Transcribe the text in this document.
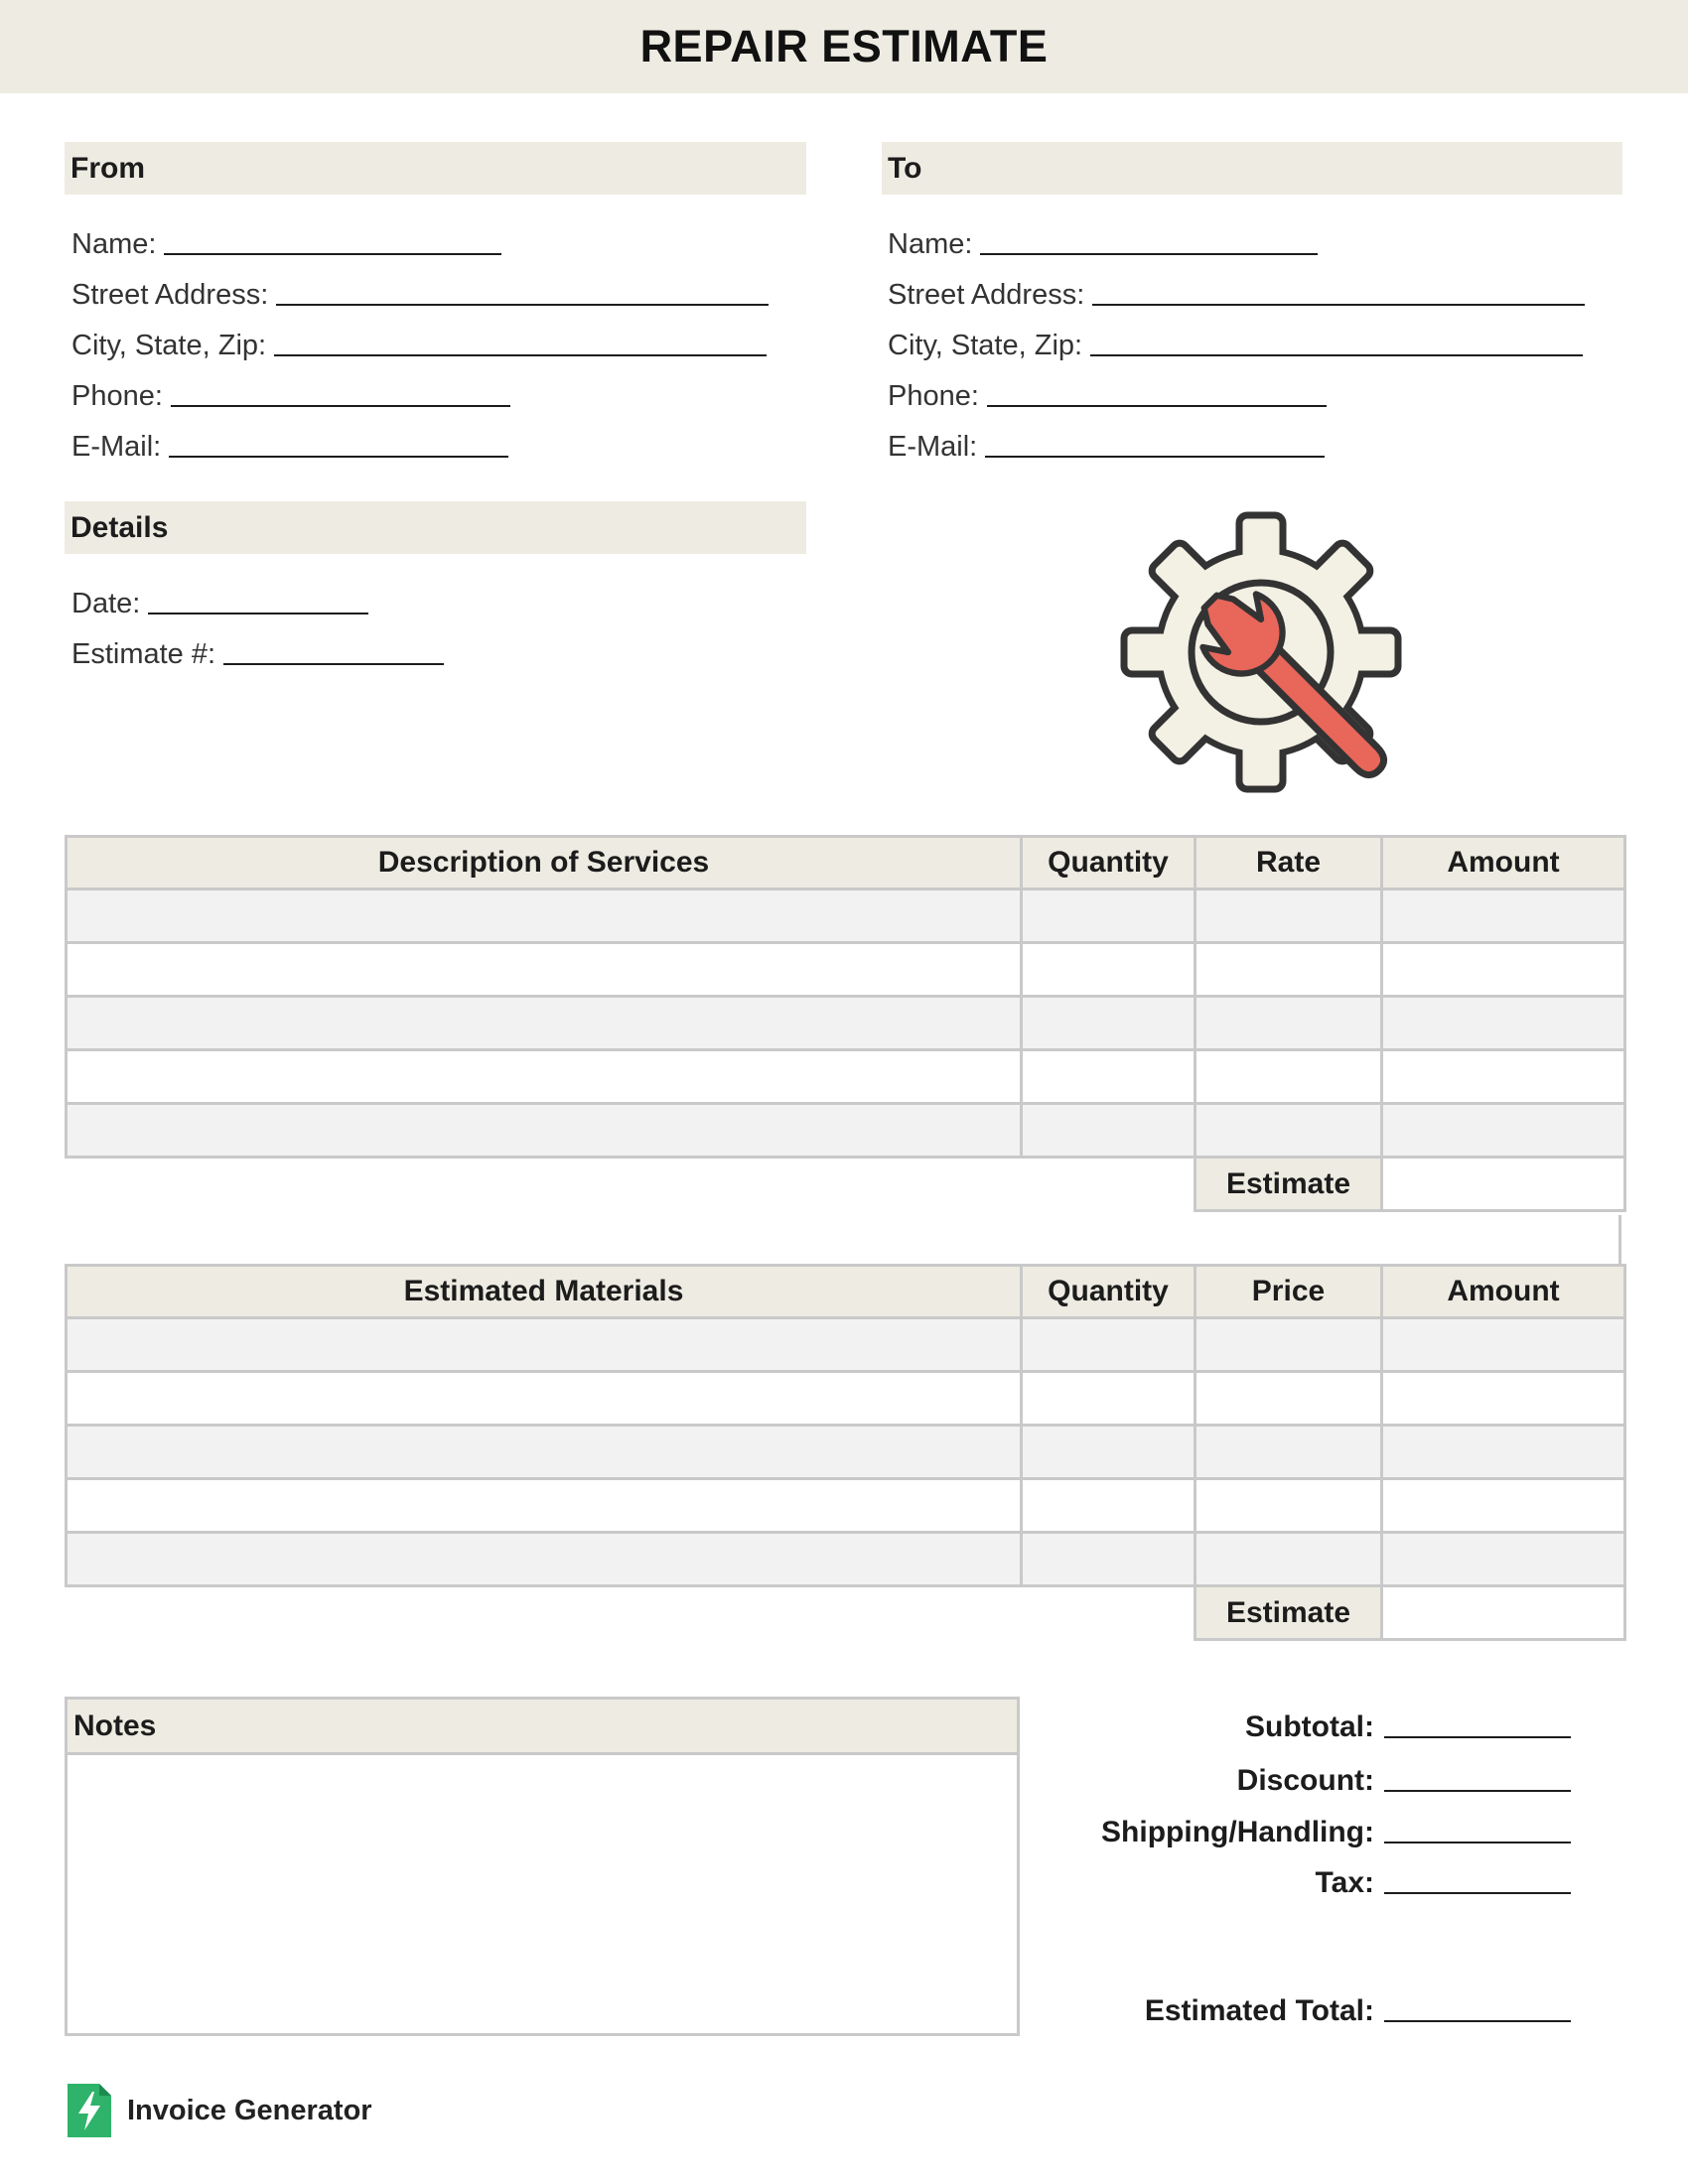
REPAIR ESTIMATE
From
Name:
Street Address:
City, State, Zip:
Phone:
E-Mail:
To
Name:
Street Address:
City, State, Zip:
Phone:
E-Mail:
Details
Date:
Estimate #:
Description of Services	Quantity	Rate	Amount

		Estimate	
Estimated Materials	Quantity	Price	Amount

		Estimate	
Notes	Subtotal:
Discount:
Shipping/Handling:
Tax:
Estimated Total:
Invoice Generator
